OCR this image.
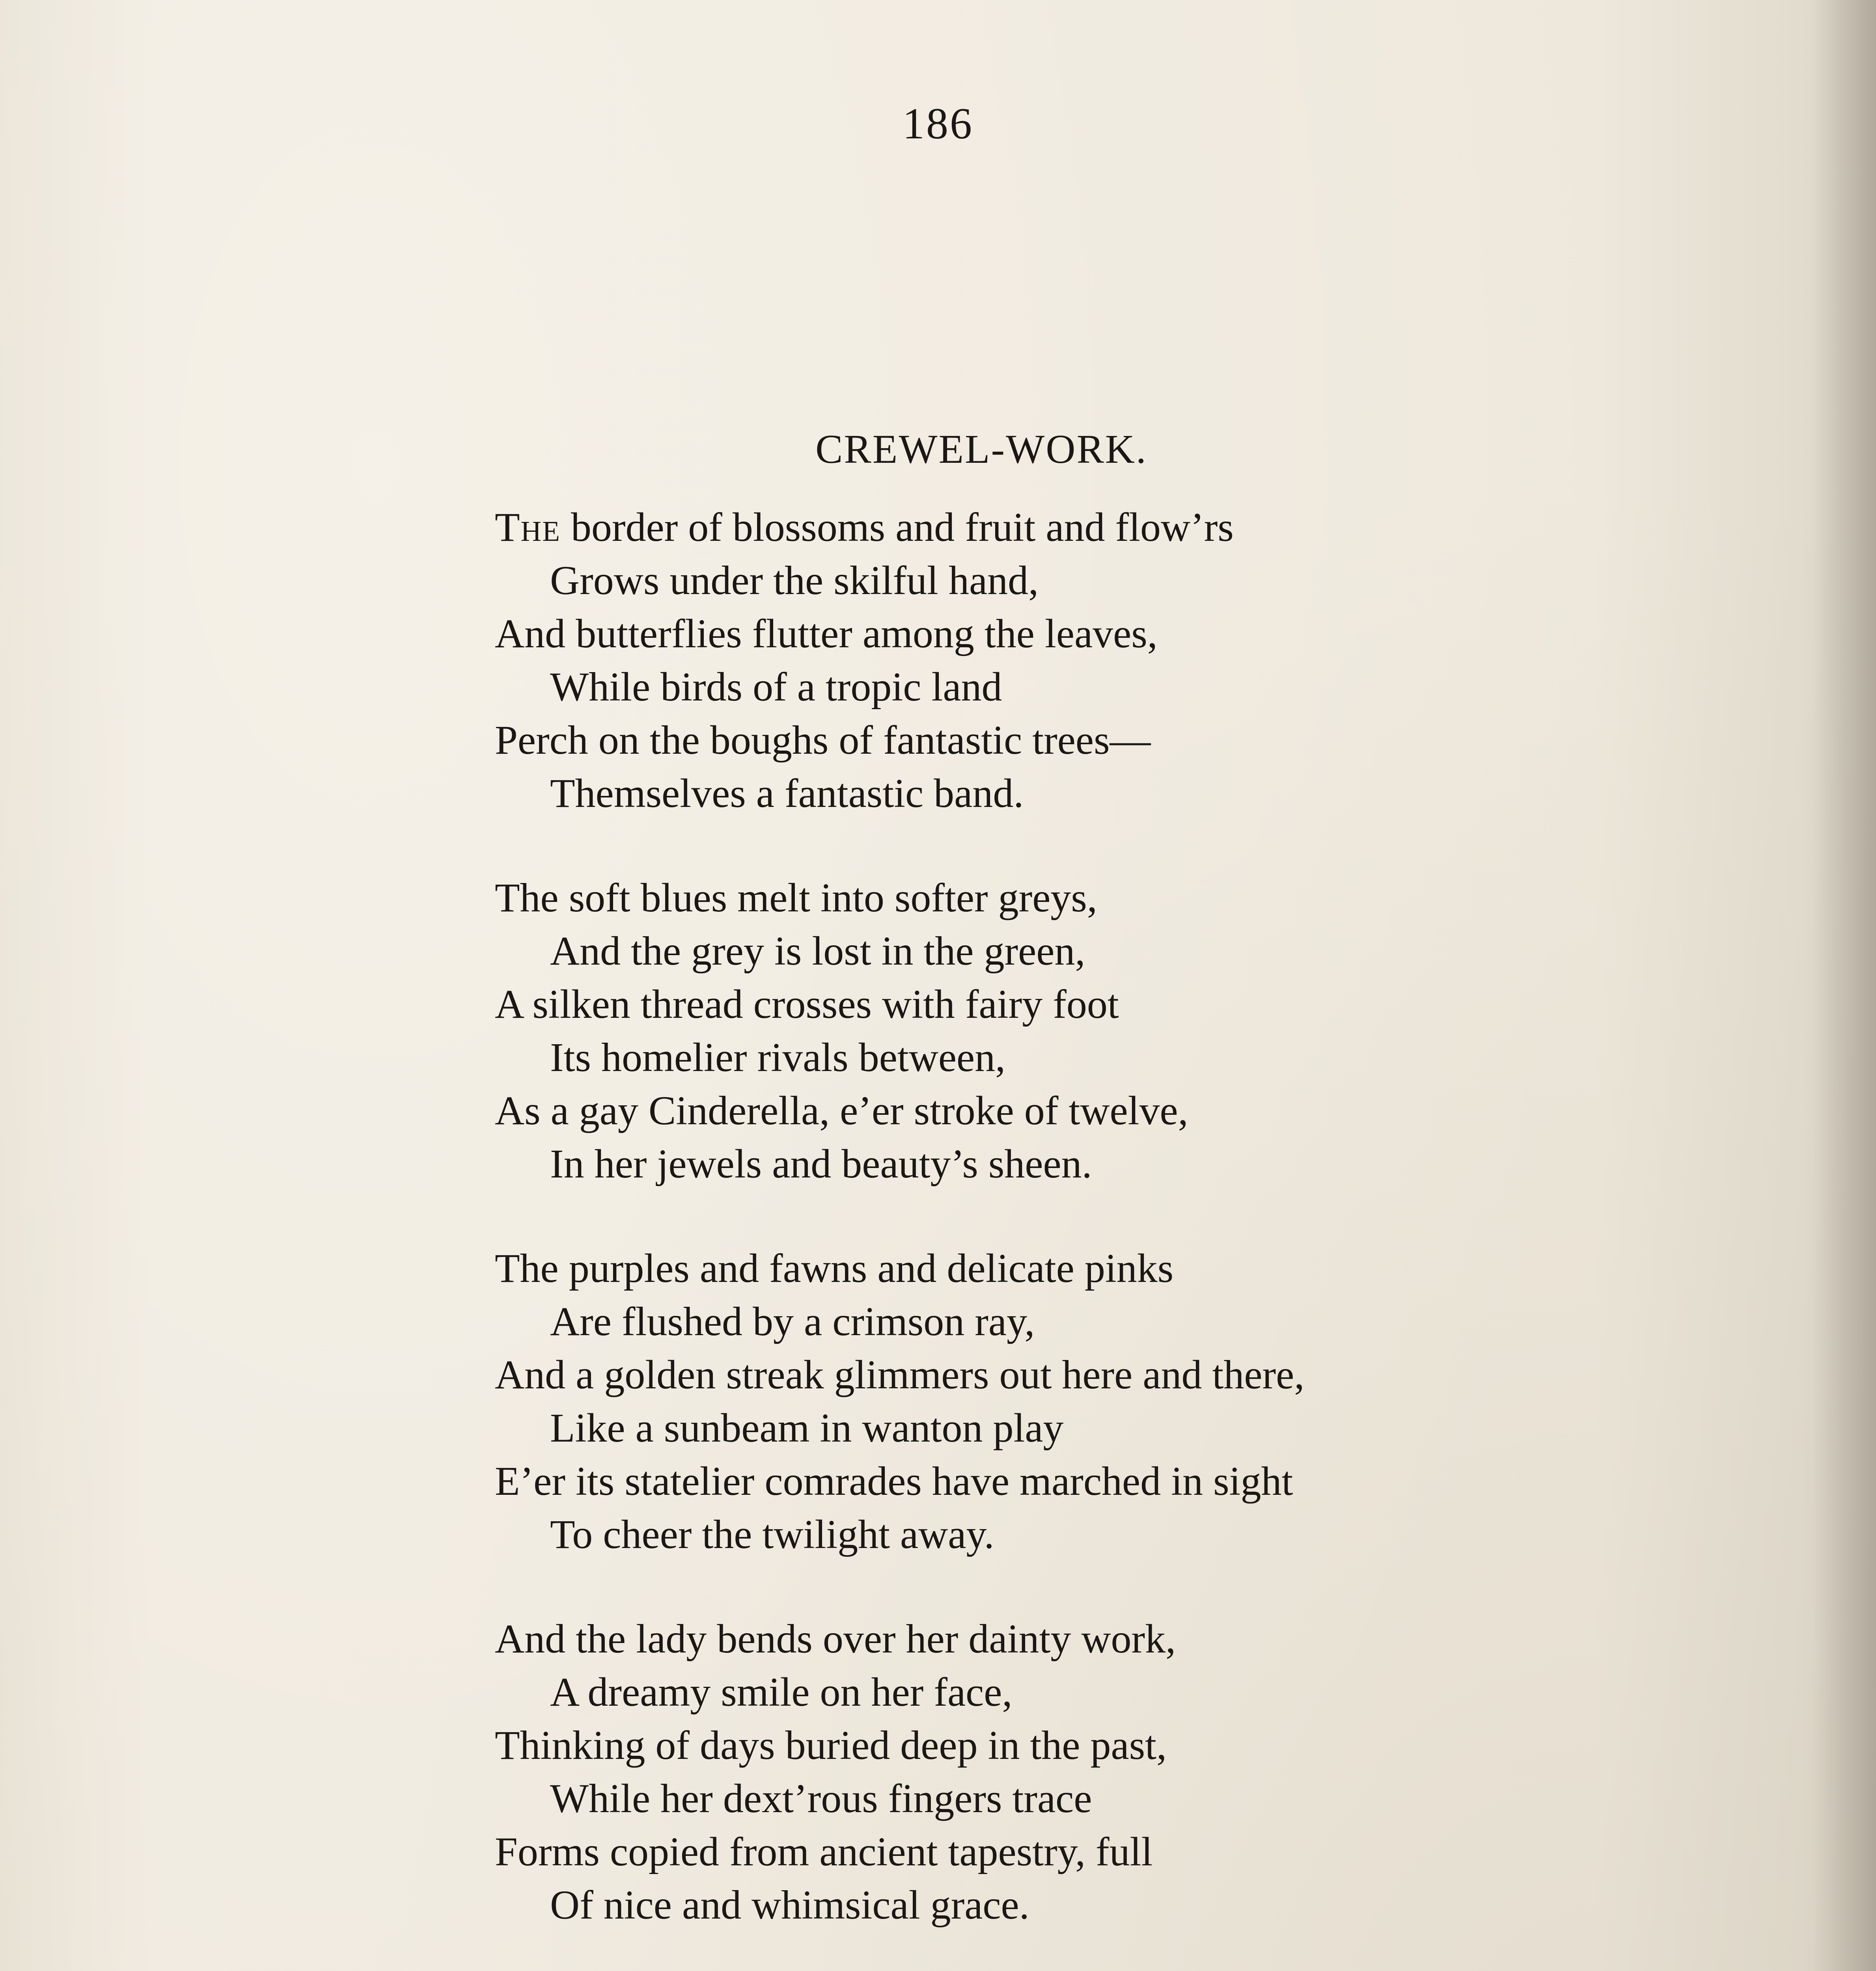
186
CREWEL-WORK.
The border of blossoms and fruit and flow’rs
Grows under the skilful hand,
And butterflies flutter among the leaves,
While birds of a tropic land
Perch on the boughs of fantastic trees—
Themselves a fantastic band.
The soft blues melt into softer greys,
And the grey is lost in the green,
A silken thread crosses with fairy foot
Its homelier rivals between,
As a gay Cinderella, e’er stroke of twelve,
In her jewels and beauty’s sheen.
The purples and fawns and delicate pinks
Are flushed by a crimson ray,
And a golden streak glimmers out here and there,
Like a sunbeam in wanton play
E’er its statelier comrades have marched in sight
To cheer the twilight away.
And the lady bends over her dainty work,
A dreamy smile on her face,
Thinking of days buried deep in the past,
While her dext’rous fingers trace
Forms copied from ancient tapestry, full
Of nice and whimsical grace.
